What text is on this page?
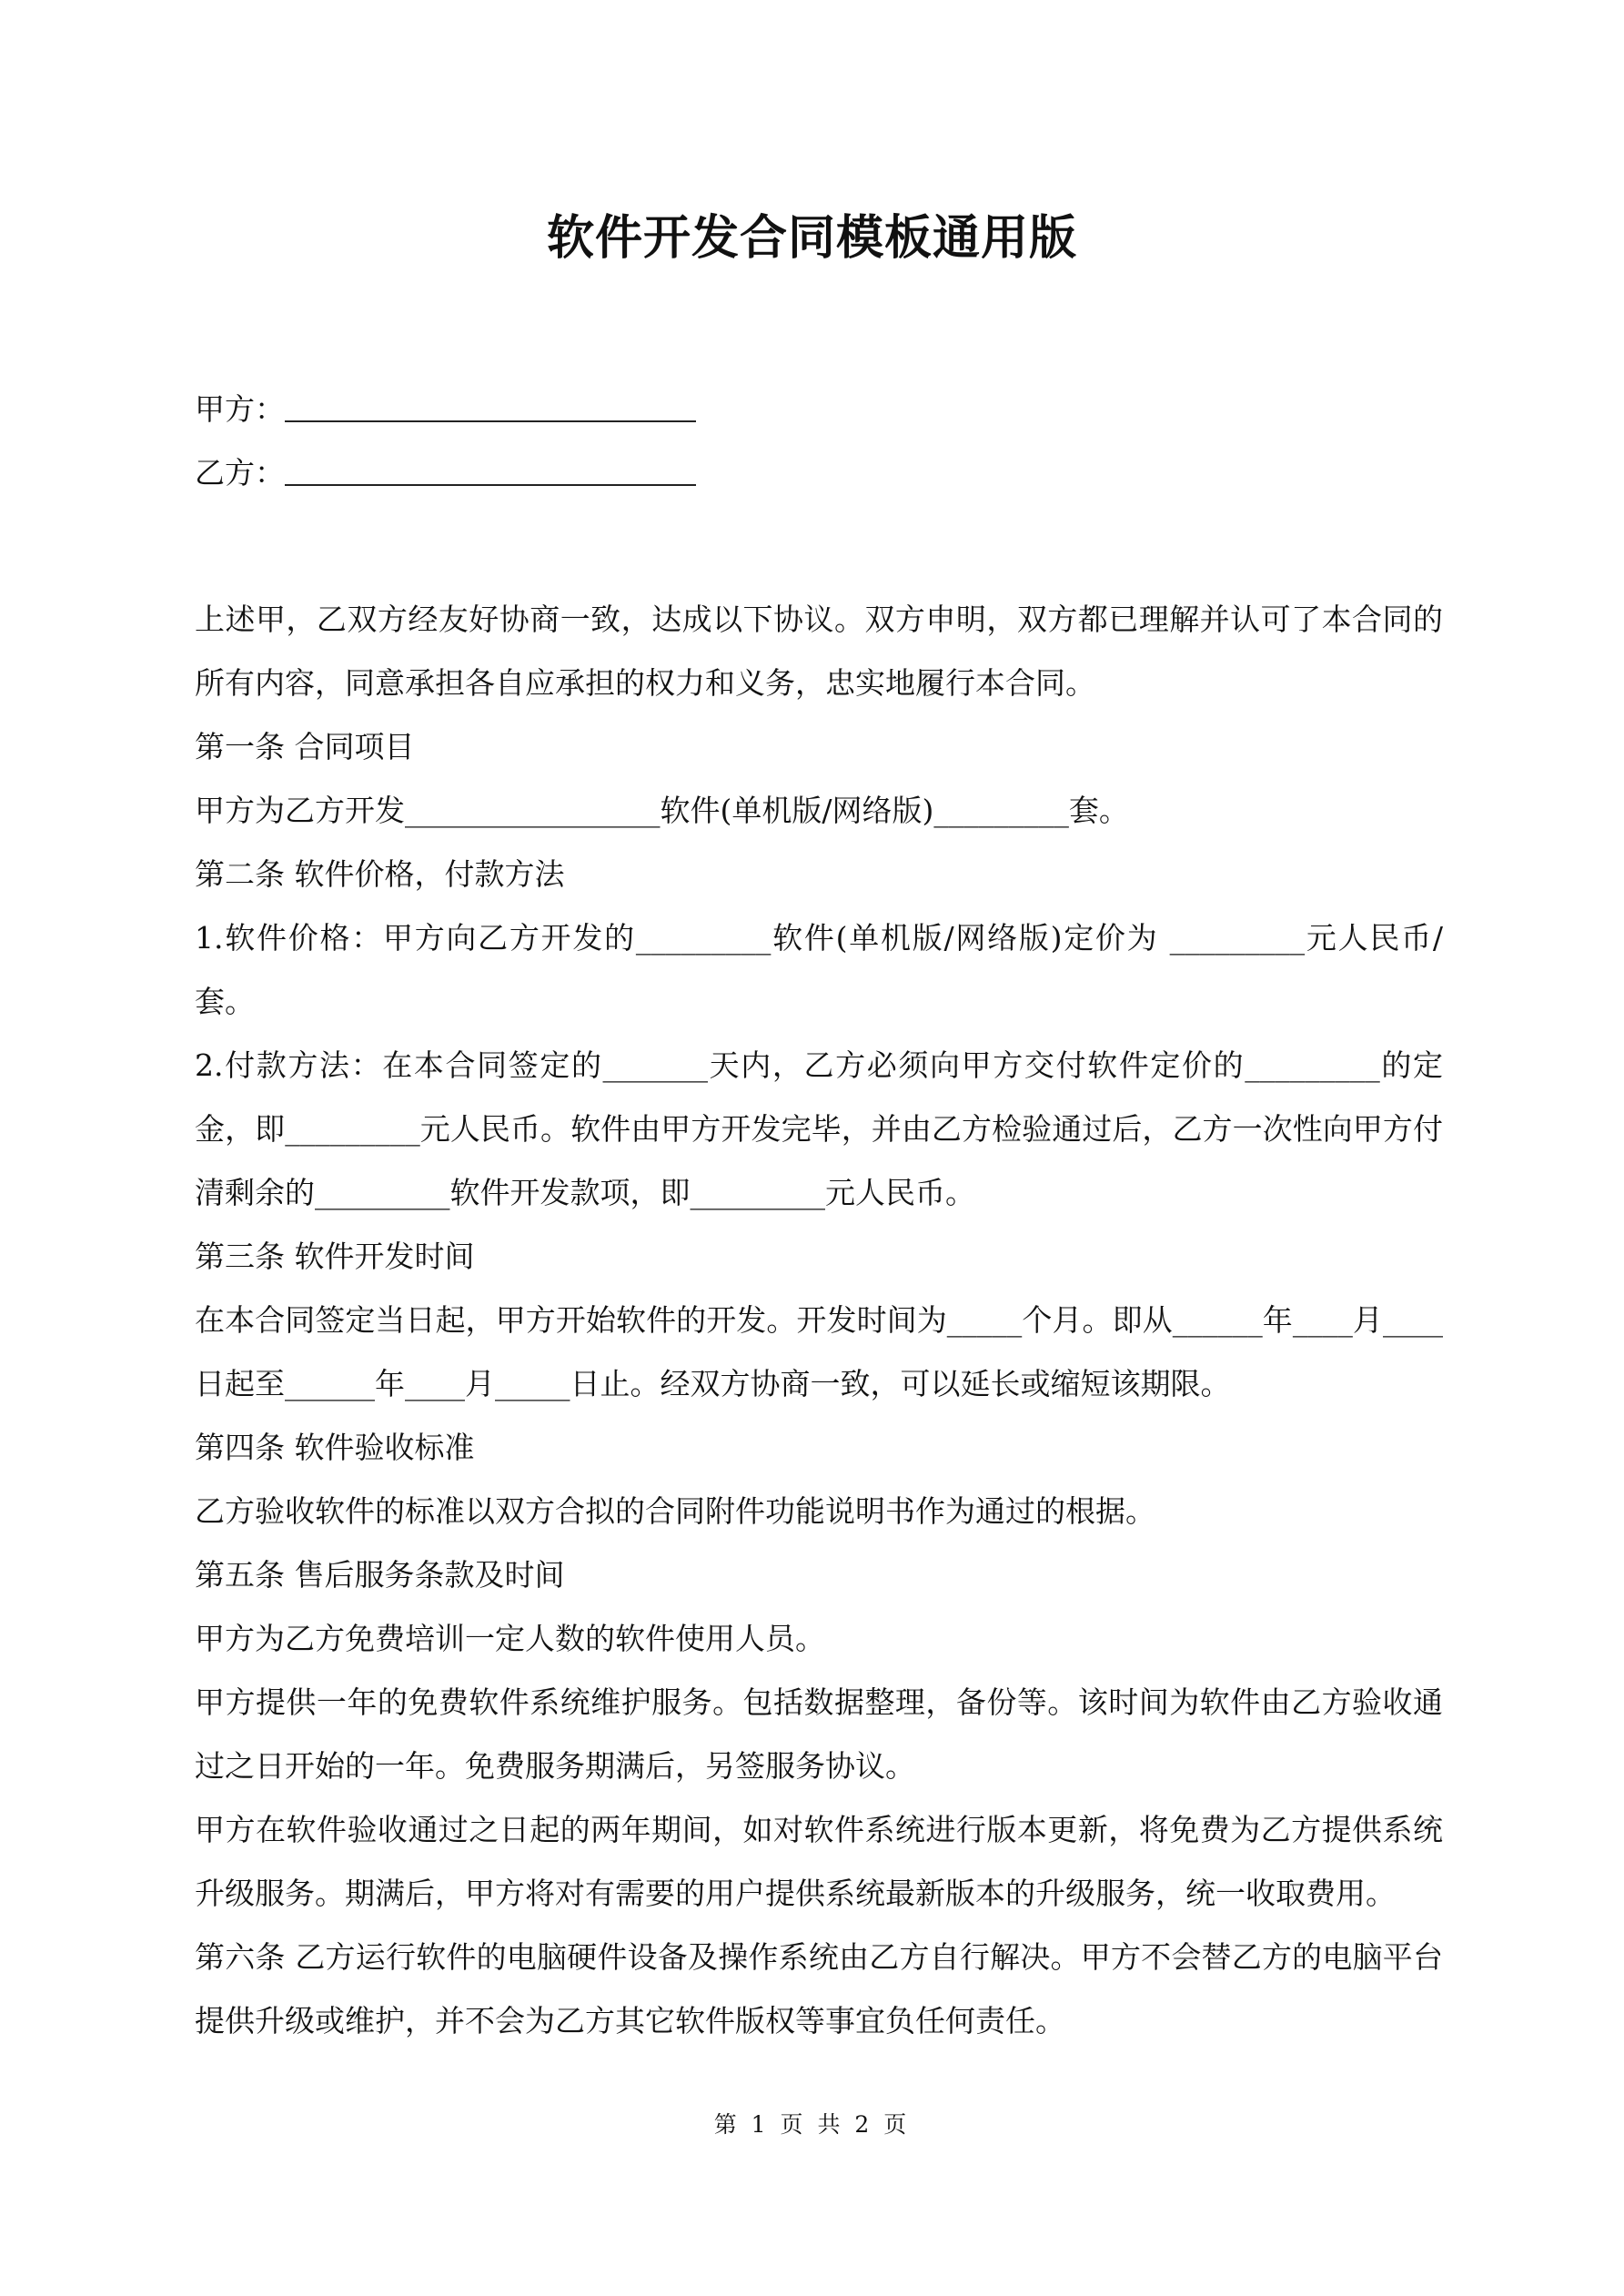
软件开发合同模板通用版
甲方：
乙方：

上述甲，乙双方经友好协商一致，达成以下协议。双方申明，双方都已理解并认可了本合同的所有内容，同意承担各自应承担的权力和义务，忠实地履行本合同。

第一条 合同项目

甲方为乙方开发_________________软件(单机版/网络版)_________套。

第二条 软件价格，付款方法

1.软件价格：甲方向乙方开发的_________软件(单机版/网络版)定价为 _________元人民币/套。

2.付款方法：在本合同签定的_______天内，乙方必须向甲方交付软件定价的_________的定金，即_________元人民币。软件由甲方开发完毕，并由乙方检验通过后，乙方一次性向甲方付清剩余的_________软件开发款项，即_________元人民币。

第三条 软件开发时间

在本合同签定当日起，甲方开始软件的开发。开发时间为_____个月。即从______年____月____日起至______年____月_____日止。经双方协商一致，可以延长或缩短该期限。

第四条 软件验收标准

乙方验收软件的标准以双方合拟的合同附件功能说明书作为通过的根据。

第五条 售后服务条款及时间

甲方为乙方免费培训一定人数的软件使用人员。

甲方提供一年的免费软件系统维护服务。包括数据整理，备份等。该时间为软件由乙方验收通过之日开始的一年。免费服务期满后，另签服务协议。

甲方在软件验收通过之日起的两年期间，如对软件系统进行版本更新，将免费为乙方提供系统升级服务。期满后，甲方将对有需要的用户提供系统最新版本的升级服务，统一收取费用。

第六条 乙方运行软件的电脑硬件设备及操作系统由乙方自行解决。甲方不会替乙方的电脑平台提供升级或维护，并不会为乙方其它软件版权等事宜负任何责任。

第 1 页 共 2 页
